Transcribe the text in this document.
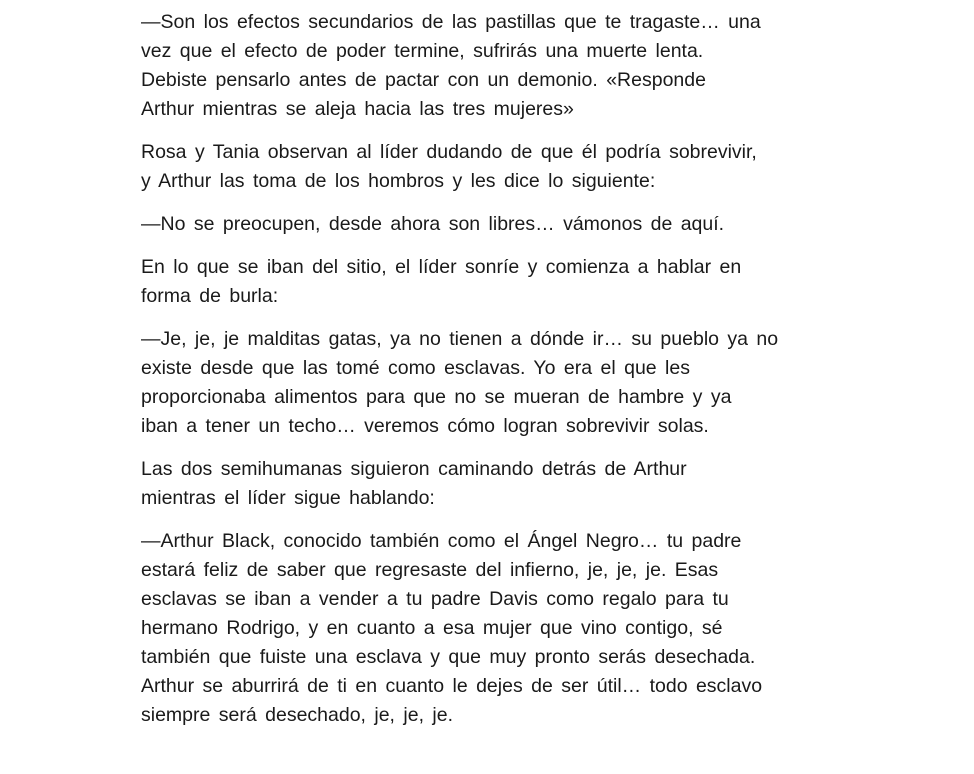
—Son los efectos secundarios de las pastillas que te tragaste… una
vez que el efecto de poder termine, sufrirás una muerte lenta.
Debiste pensarlo antes de pactar con un demonio. «Responde
Arthur mientras se aleja hacia las tres mujeres»
Rosa y Tania observan al líder dudando de que él podría sobrevivir,
y Arthur las toma de los hombros y les dice lo siguiente:
—No se preocupen, desde ahora son libres… vámonos de aquí.
En lo que se iban del sitio, el líder sonríe y comienza a hablar en
forma de burla:
—Je, je, je malditas gatas, ya no tienen a dónde ir… su pueblo ya no
existe desde que las tomé como esclavas. Yo era el que les
proporcionaba alimentos para que no se mueran de hambre y ya
iban a tener un techo… veremos cómo logran sobrevivir solas.
Las dos semihumanas siguieron caminando detrás de Arthur
mientras el líder sigue hablando:
—Arthur Black, conocido también como el Ángel Negro… tu padre
estará feliz de saber que regresaste del infierno, je, je, je. Esas
esclavas se iban a vender a tu padre Davis como regalo para tu
hermano Rodrigo, y en cuanto a esa mujer que vino contigo, sé
también que fuiste una esclava y que muy pronto serás desechada.
Arthur se aburrirá de ti en cuanto le dejes de ser útil… todo esclavo
siempre será desechado, je, je, je.
